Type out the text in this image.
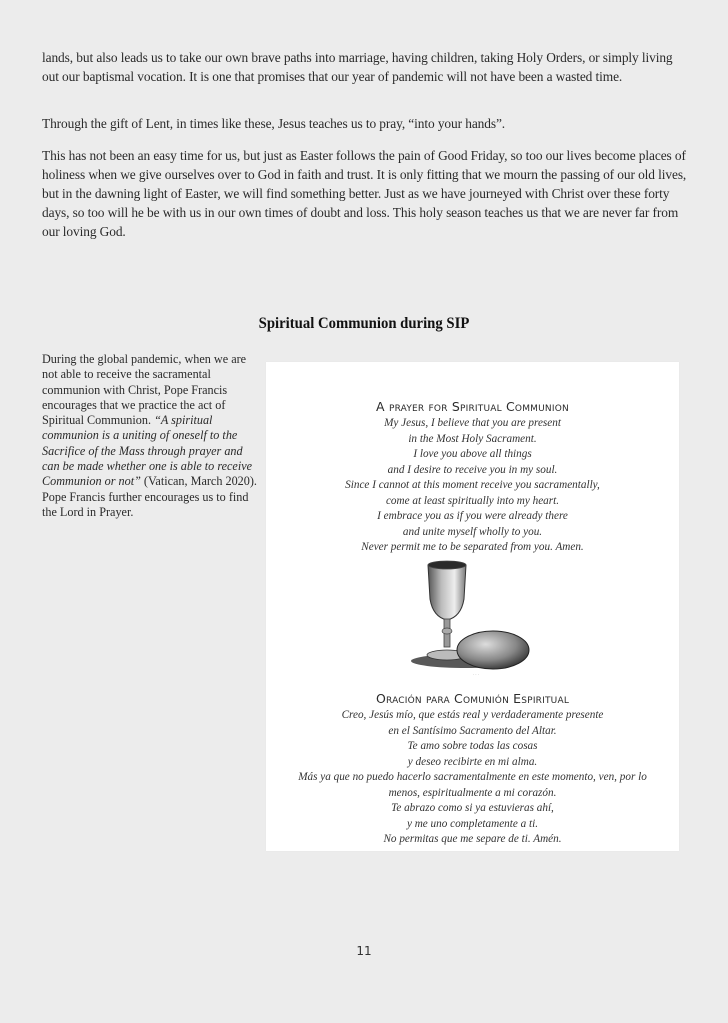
lands, but also leads us to take our own brave paths into marriage, having children, taking Holy Orders, or simply living out our baptismal vocation. It is one that promises that our year of pandemic will not have been a wasted time.

Through the gift of Lent, in times like these, Jesus teaches us to pray, “into your hands”.

This has not been an easy time for us, but just as Easter follows the pain of Good Friday, so too our lives become places of holiness when we give ourselves over to God in faith and trust. It is only fitting that we mourn the passing of our old lives, but in the dawning light of Easter, we will find something better. Just as we have journeyed with Christ over these forty days, so too will he be with us in our own times of doubt and loss. This holy season teaches us that we are never far from our loving God.

Spiritual Communion during SIP

During the global pandemic, when we are not able to receive the sacramental communion with Christ, Pope Francis encourages that we practice the act of Spiritual Communion. “A spiritual communion is a uniting of oneself to the Sacrifice of the Mass through prayer and can be made whether one is able to receive Communion or not” (Vatican, March 2020). Pope Francis further encourages us to find the Lord in Prayer.

A prayer for Spiritual Communion
My Jesus, I believe that you are present
in the Most Holy Sacrament.
I love you above all things
and I desire to receive you in my soul.
Since I cannot at this moment receive you sacramentally,
come at least spiritually into my heart.
I embrace you as if you were already there
and unite myself wholly to you.
Never permit me to be separated from you. Amen.
· · ·
Oración para Comunión Espiritual
Creo, Jesús mío, que estás real y verdaderamente presente
en el Santísimo Sacramento del Altar.
Te amo sobre todas las cosas
y deseo recibirte en mi alma.
Más ya que no puedo hacerlo sacramentalmente en este momento, ven, por lo
menos, espiritualmente a mi corazón.
Te abrazo como si ya estuvieras ahí,
y me uno completamente a ti.
No permitas que me separe de ti. Amén.
11
